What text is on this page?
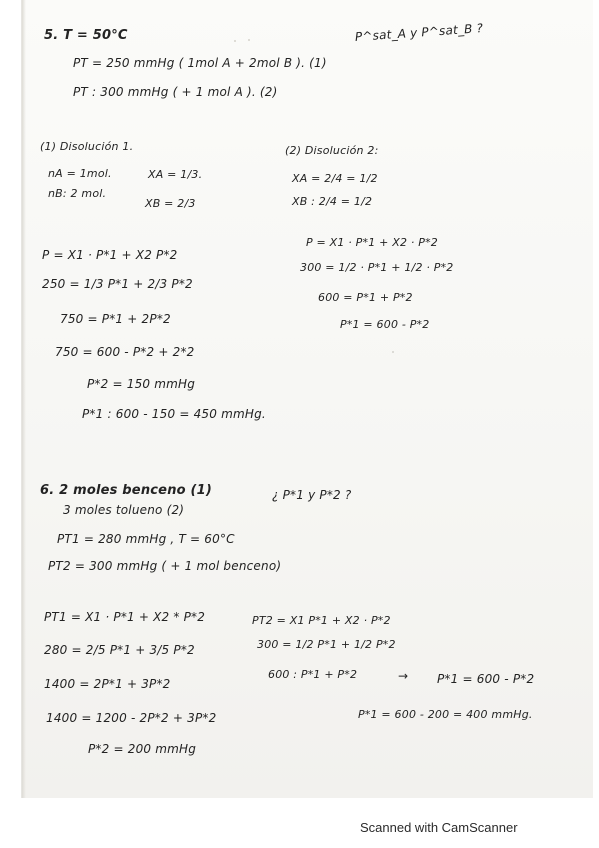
5. T = 50°C	P^sat_A y P^sat_B ?
PT = 250 mmHg ( 1mol A + 2mol B ). (1)
PT : 300 mmHg ( + 1 mol A ). (2)
(1) Disolución 1.
nA = 1mol.	XA = 1/3.
nB: 2 mol.
XB = 2/3
P = X1 · P*1 + X2 P*2
250 = 1/3 P*1 + 2/3 P*2
750 = P*1 + 2P*2
750 = 600 - P*2 + 2*2
P*2 = 150 mmHg
P*1 : 600 - 150 = 450 mmHg.
(2) Disolución 2:
XA = 2/4 = 1/2
XB : 2/4 = 1/2
P = X1 · P*1 + X2 · P*2
300 = 1/2 · P*1 + 1/2 · P*2
600 = P*1 + P*2
P*1 = 600 - P*2
6. 2 moles benceno (1)
3 moles tolueno (2)
¿ P*1 y P*2 ?
PT1 = 280 mmHg , T = 60°C
PT2 = 300 mmHg ( + 1 mol benceno)
PT1 = X1 · P*1 + X2 * P*2
280 = 2/5 P*1 + 3/5 P*2
1400 = 2P*1 + 3P*2
1400 = 1200 - 2P*2 + 3P*2
P*2 = 200 mmHg
PT2 = X1 P*1 + X2 · P*2
300 = 1/2 P*1 + 1/2 P*2
600 : P*1 + P*2	→ P*1 = 600 - P*2
P*1 = 600 - 200 = 400 mmHg.
Scanned with CamScanner
